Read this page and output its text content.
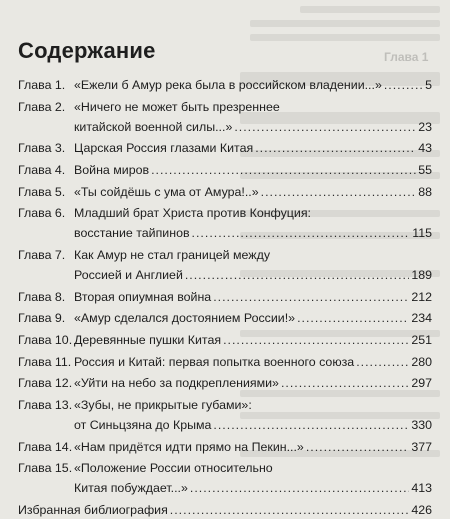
Глава 1
Содержание
Глава 1. «Ежели б Амур река была в российском владении...» .....	5
Глава 2. «Ничего не может быть презреннее
китайской военной силы...» .....	23
Глава 3. Царская Россия глазами Китая .....	43
Глава 4. Война миров .....	55
Глава 5. «Ты сойдёшь с ума от Амура!..» .....	88
Глава 6. Младший брат Христа против Конфуция:
восстание тайпинов .....	115
Глава 7. Как Амур не стал границей между
Россией и Англией .....	189
Глава 8. Вторая опиумная война .....	212
Глава 9. «Амур сделался достоянием России!» .....	234
Глава 10. Деревянные пушки Китая .....	251
Глава 11. Россия и Китай: первая попытка военного союза .....	280
Глава 12. «Уйти на небо за подкреплениями» .....	297
Глава 13. «Зубы, не прикрытые губами»:
от Синьцзяна до Крыма .....	330
Глава 14. «Нам придётся идти прямо на Пекин...» .....	377
Глава 15. «Положение России относительно
Китая побуждает...» .....	413
Избранная библиография .....	426
